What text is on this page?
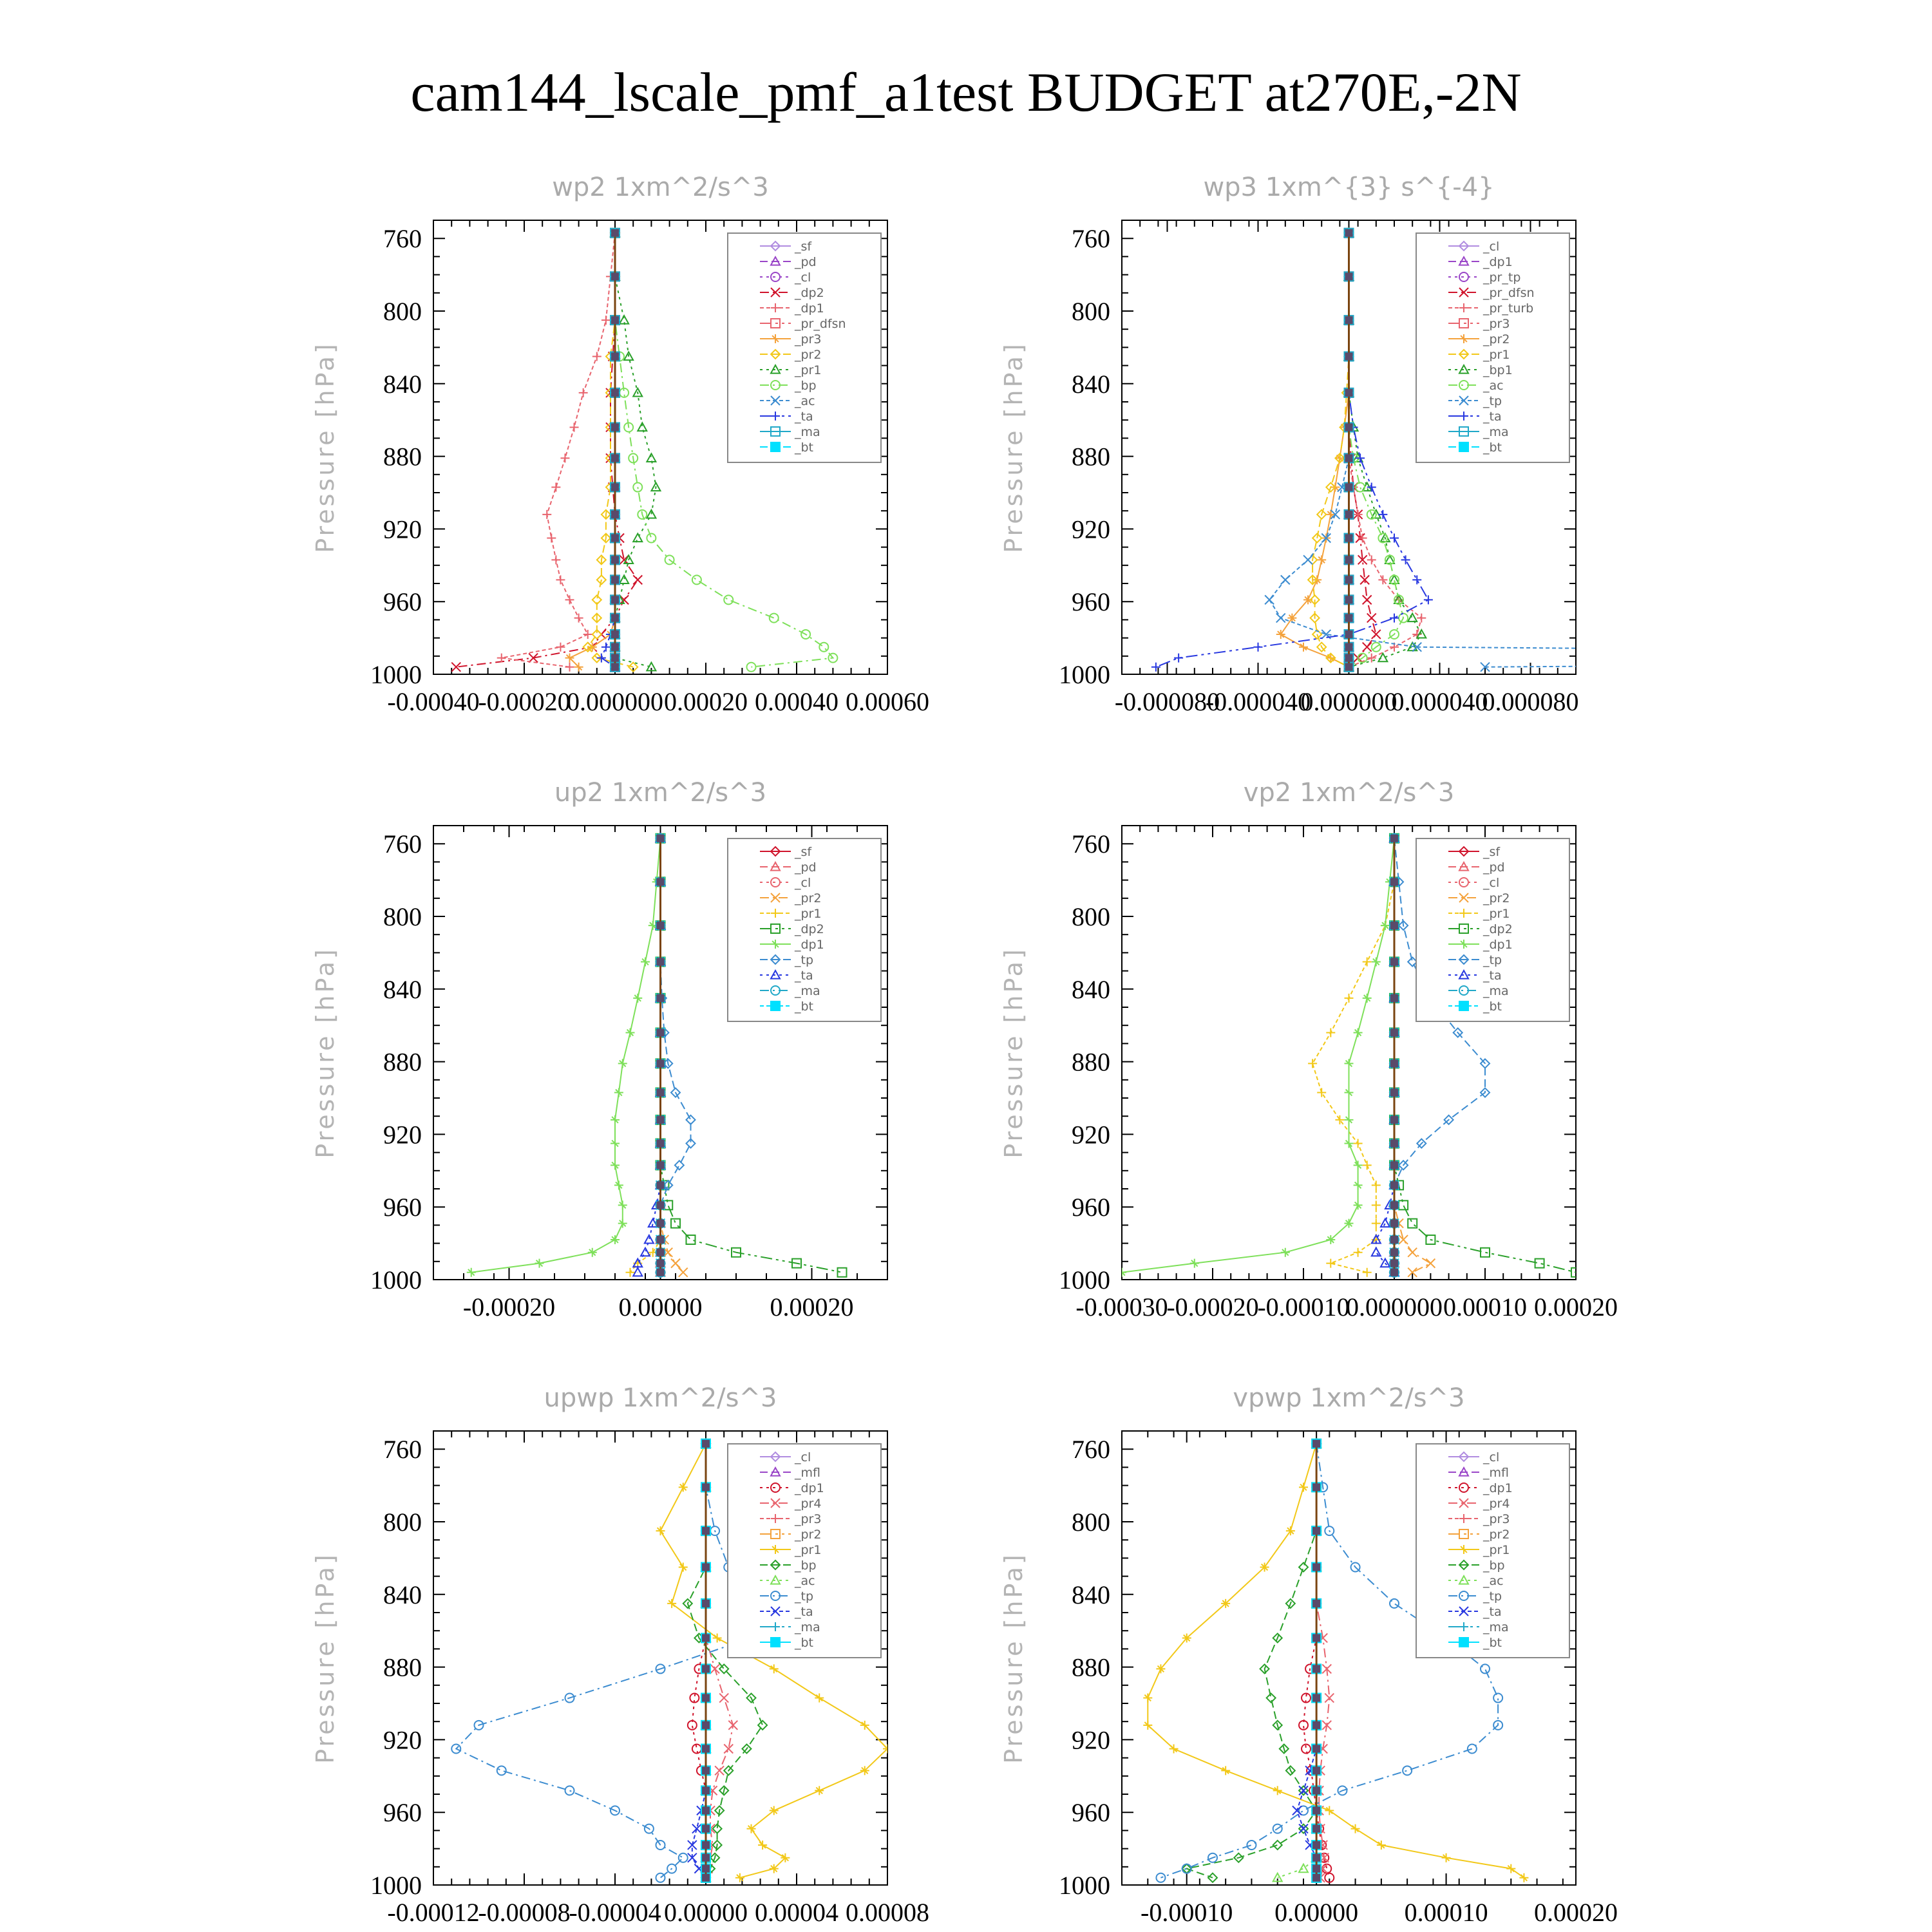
cam144_lscale_pmf_a1test BUDGET at270E,-2N
wp2 1xm^2/s^3
Pressure [hPa]
760
800
840
880
920
960
1000
-0.00040
-0.00020
0.000000 0.00020 0.00040 0.00060
_sf
_pd
_cl
_dp2
_dp1
_pr_dfsn
_pr3
_pr2
_pr1
_bp
_ac
_ta
_ma
_bt
wp3 1xm^{3} s^{-4}
Pressure [hPa]
760
800
840
880
920
960
1000
-0.000080
-0.000040
0.000000
0.000040
0.000080
_cl
_dp1
_pr_tp
_pr_dfsn
_pr_turb
_pr3
_pr2
_pr1
_bp1
_ac
_tp
_ta
_ma
_bt
up2 1xm^2/s^3
Pressure [hPa]
760
800
840
880
920
960
1000
-0.00020 0.00000	0.00020
_sf
_pd
_cl
_pr2
_pr1
_dp2
_dp1
_tp
_ta
_ma
_bt
vp2 1xm^2/s^3
Pressure [hPa]
760
800
840
880
920
960
1000
-0.00030
-0.00020
-0.00010
0.000000 0.00010 0.00020
_sf
_pd
_cl
_pr2
_pr1
_dp2
_dp1
_tp
_ta
_ma
_bt
upwp 1xm^2/s^3
Pressure [hPa]
760
800
840
880
920
960
1000
-0.00012
-0.00008
-0.00004 0.00000 0.00004 0.00008
_cl
_mfl
_dp1
_pr4
_pr3
_pr2
_pr1
_bp
_ac
_tp
_ta
_ma
_bt
vpwp 1xm^2/s^3
Pressure [hPa]
760
800
840
880
920
960
1000
-0.00010 0.00000 0.00010 0.00020
_cl
_mfl
_dp1
_pr4
_pr3
_pr2
_pr1
_bp
_ac
_tp
_ta
_ma
_bt
